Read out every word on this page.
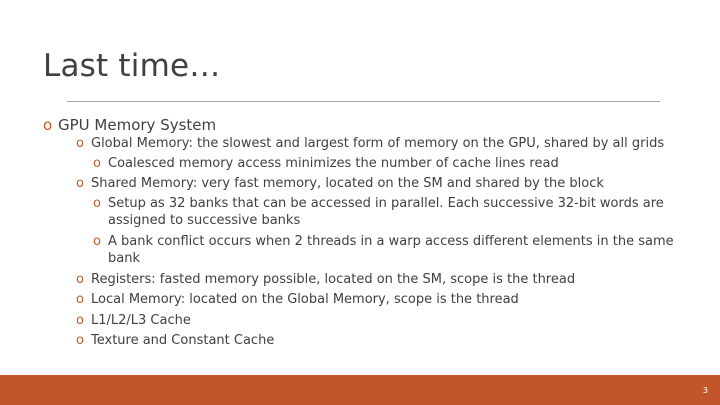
Last time…
o GPU Memory System
o Global Memory: the slowest and largest form of memory on the GPU, shared by all grids
o Coalesced memory access minimizes the number of cache lines read
o Shared Memory: very fast memory, located on the SM and shared by the block
o Setup as 32 banks that can be accessed in parallel. Each successive 32-bit words are
assigned to successive banks
o A bank conflict occurs when 2 threads in a warp access different elements in the same
bank
o Registers: fasted memory possible, located on the SM, scope is the thread
o Local Memory: located on the Global Memory, scope is the thread
o L1/L2/L3 Cache
o Texture and Constant Cache
3
